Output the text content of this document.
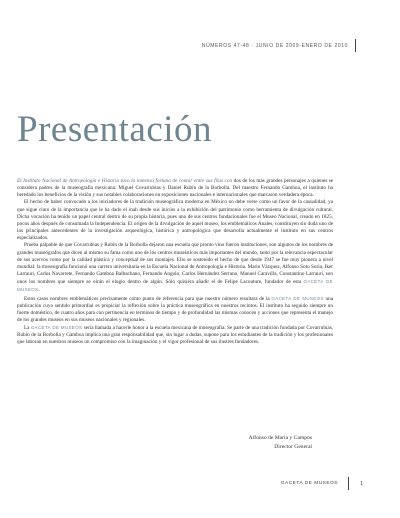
NÚMEROS 47-48 · JUNIO DE 2009-ENERO DE 2010
Presentación

El Instituto Nacional de Antropología e Historia tuvo la inmensa fortuna de contar entre sus filas con dos de los más grandes personajes a quienes se considera padres de la museografía mexicana: Miguel Covarrubias y Daniel Rubín de la Borbolla. Del maestro Fernando Gamboa, el instituto ha heredado los beneficios de la visión y sus notables colaboraciones en exposiciones nacionales e internacionales que marcaron verdadera época.

El hecho de haber convocado a los iniciadores de la tradición museográfica moderna en México no debe verse como un favor de la casualidad, ya que sigue claro de la importancia que le ha dado el inah desde sus inicios a la exhibición del patrimonio como herramienta de divulgación cultural. Dicha vocación ha tenido un papel central dentro de su propia historia, pues uno de sus centros fundacionales fue el Museo Nacional, creado en 1825, pocos años después de consumada la Independencia. El origen de la divulgación de aquel museo, los emblemáticos Anales, constituyen sin duda uno de los principales antecedentes de la investigación arqueológica, histórica y antropológica que desarrolla actualmente el instituto en sus centros especializados.

Prueba palpable de que Covarrubias y Rubín de la Borbolla dejaron una escuela que pronto vino fueron instituciones, son algunos de los nombres de grandes museógrafos que dicen al mismo su fama como uno de los centros museísticos más importantes del mundo, tanto por la relevancia espectacular de sus acervos como por la calidad plástica y conceptual de sus montajes. Ello se sostenido el hecho de que desde 1947 se fue muy pionera a nivel mundial: la museografía funcionó una carrera universitaria en la Escuela Nacional de Antropología e Historia. Mario Vázquez, Alfonso Soto Soria, Iker Larrauri, Carlos Navarrete, Fernando Gamboa Balbachano, Fernando Angulo, Carlos Hernández Serrano, Manuel Caravilla, Constantino Larrauri, son unos los nombres que siempre se oirán el elogio dentro de algún. Sólo quisiéra añadir el de Felipe Lacouture, fundador de esta GACETA DE MUSEOS.

Estos casos nombres emblemáticos precisamente como punto de referencia para que nuestro número resultara de la GACETA DE MUSEOS una publicación cuyo sentido primordial es propiciar la reflexión sobre la práctica museográfica en nuestros recintos. El instituto ha seguido siempre un fuerte doméstico, de cuatro años para con pertinencia en términos de tiempo y de profundidad las mismas conocen y acciones que representa el manejo de los grandes museos en sus museos nacionales y regionales.

La GACETA DE MUSEOS sería llamada a hacerle honor a la escuela mexicana de museografía. Se parte de una tradición fundada por Covarrubias, Rubín de la Borbolla y Gamboa implica una gran responsabilidad que, sin lugar a dudas, supone para los estudiantes de la tradición y los profesionales que laboran en nuestros museos un compromiso con la imaginación y el vigor profesional de sus ilustres fundadores.

Alfonso de Maria y Campos
Director General
GACETA DE MUSEOS	1
